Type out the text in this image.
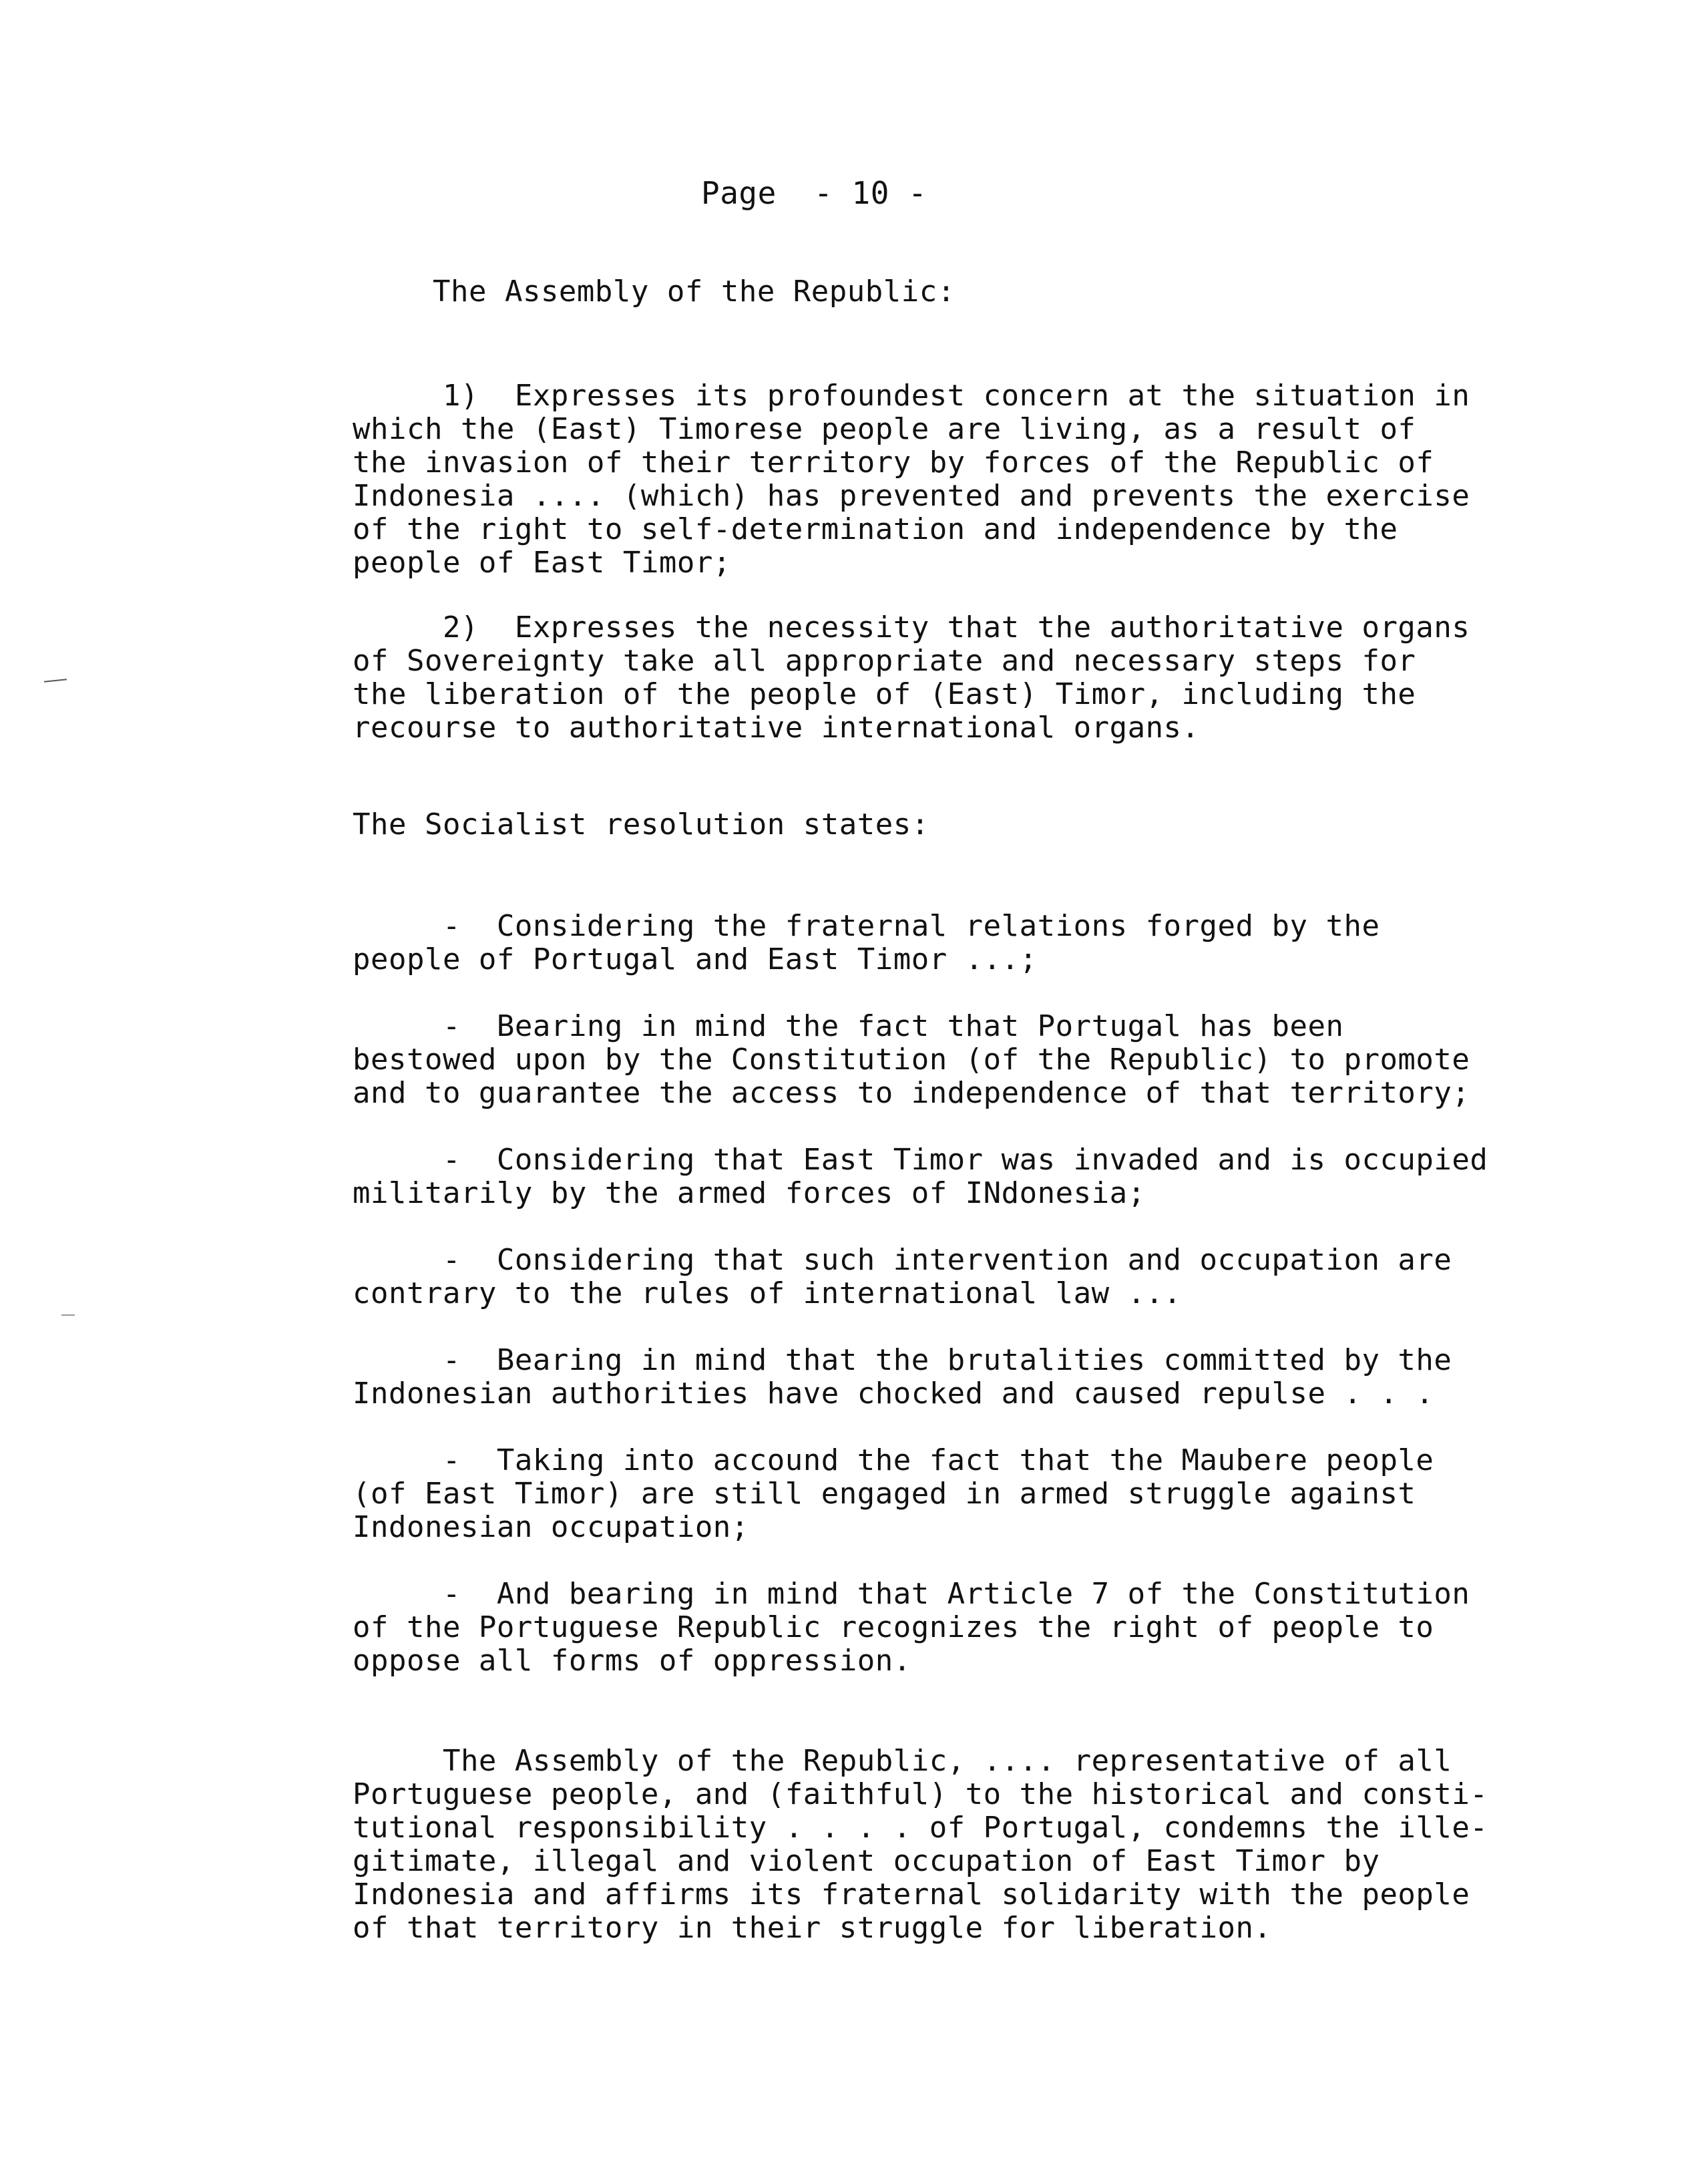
Page  - 10 -
The Assembly of the Republic:
1)  Expresses its profoundest concern at the situation in
which the (East) Timorese people are living, as a result of
the invasion of their territory by forces of the Republic of
Indonesia .... (which) has prevented and prevents the exercise
of the right to self-determination and independence by the
people of East Timor;
2)  Expresses the necessity that the authoritative organs
of Sovereignty take all appropriate and necessary steps for
the liberation of the people of (East) Timor, including the
recourse to authoritative international organs.
The Socialist resolution states:
-  Considering the fraternal relations forged by the
people of Portugal and East Timor ...;
-  Bearing in mind the fact that Portugal has been
bestowed upon by the Constitution (of the Republic) to promote
and to guarantee the access to independence of that territory;
-  Considering that East Timor was invaded and is occupied
militarily by the armed forces of INdonesia;
-  Considering that such intervention and occupation are
contrary to the rules of international law ...
-  Bearing in mind that the brutalities committed by the
Indonesian authorities have chocked and caused repulse . . .
-  Taking into accound the fact that the Maubere people
(of East Timor) are still engaged in armed struggle against
Indonesian occupation;
-  And bearing in mind that Article 7 of the Constitution
of the Portuguese Republic recognizes the right of people to
oppose all forms of oppression.
The Assembly of the Republic, .... representative of all
Portuguese people, and (faithful) to the historical and consti-
tutional responsibility . . . . of Portugal, condemns the ille-
gitimate, illegal and violent occupation of East Timor by
Indonesia and affirms its fraternal solidarity with the people
of that territory in their struggle for liberation.
